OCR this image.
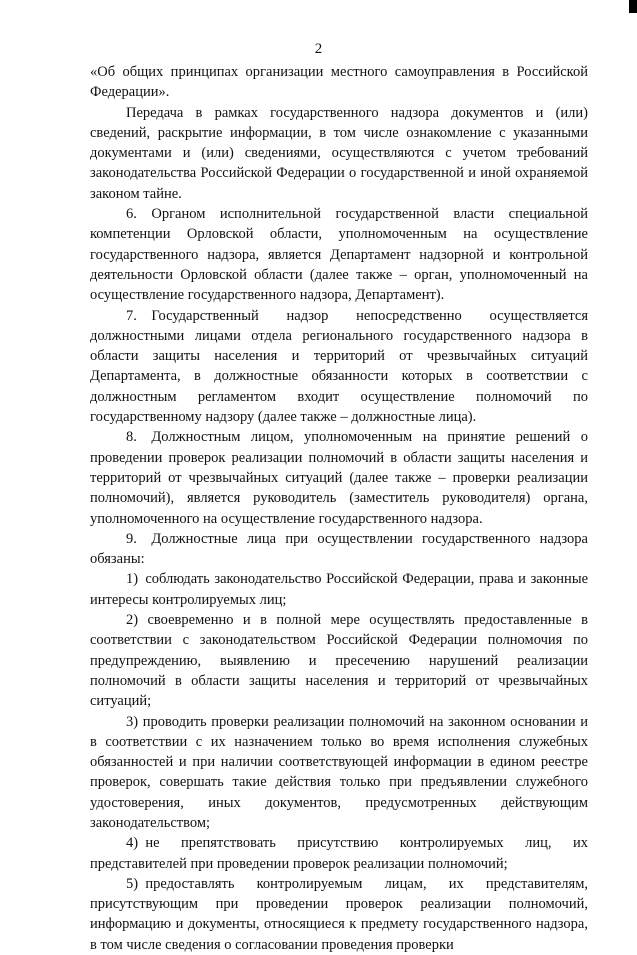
2

«Об общих принципах организации местного самоуправления в Российской Федерации».

Передача в рамках государственного надзора документов и (или) сведений, раскрытие информации, в том числе ознакомление с указанными документами и (или) сведениями, осуществляются с учетом требований законодательства Российской Федерации о государственной и иной охраняемой законом тайне.

6. Органом исполнительной государственной власти специальной компетенции Орловской области, уполномоченным на осуществление государственного надзора, является Департамент надзорной и контрольной деятельности Орловской области (далее также – орган, уполномоченный на осуществление государственного надзора, Департамент).

7. Государственный надзор непосредственно осуществляется должностными лицами отдела регионального государственного надзора в области защиты населения и территорий от чрезвычайных ситуаций Департамента, в должностные обязанности которых в соответствии с должностным регламентом входит осуществление полномочий по государственному надзору (далее также – должностные лица).

8. Должностным лицом, уполномоченным на принятие решений о проведении проверок реализации полномочий в области защиты населения и территорий от чрезвычайных ситуаций (далее также – проверки реализации полномочий), является руководитель (заместитель руководителя) органа, уполномоченного на осуществление государственного надзора.

9. Должностные лица при осуществлении государственного надзора обязаны:

1) соблюдать законодательство Российской Федерации, права и законные интересы контролируемых лиц;

2) своевременно и в полной мере осуществлять предоставленные в соответствии с законодательством Российской Федерации полномочия по предупреждению, выявлению и пресечению нарушений реализации полномочий в области защиты населения и территорий от чрезвычайных ситуаций;

3) проводить проверки реализации полномочий на законном основании и в соответствии с их назначением только во время исполнения служебных обязанностей и при наличии соответствующей информации в едином реестре проверок, совершать такие действия только при предъявлении служебного удостоверения, иных документов, предусмотренных действующим законодательством;

4) не препятствовать присутствию контролируемых лиц, их представителей при проведении проверок реализации полномочий;

5) предоставлять контролируемым лицам, их представителям, присутствующим при проведении проверок реализации полномочий, информацию и документы, относящиеся к предмету государственного надзора, в том числе сведения о согласовании проведения проверки
